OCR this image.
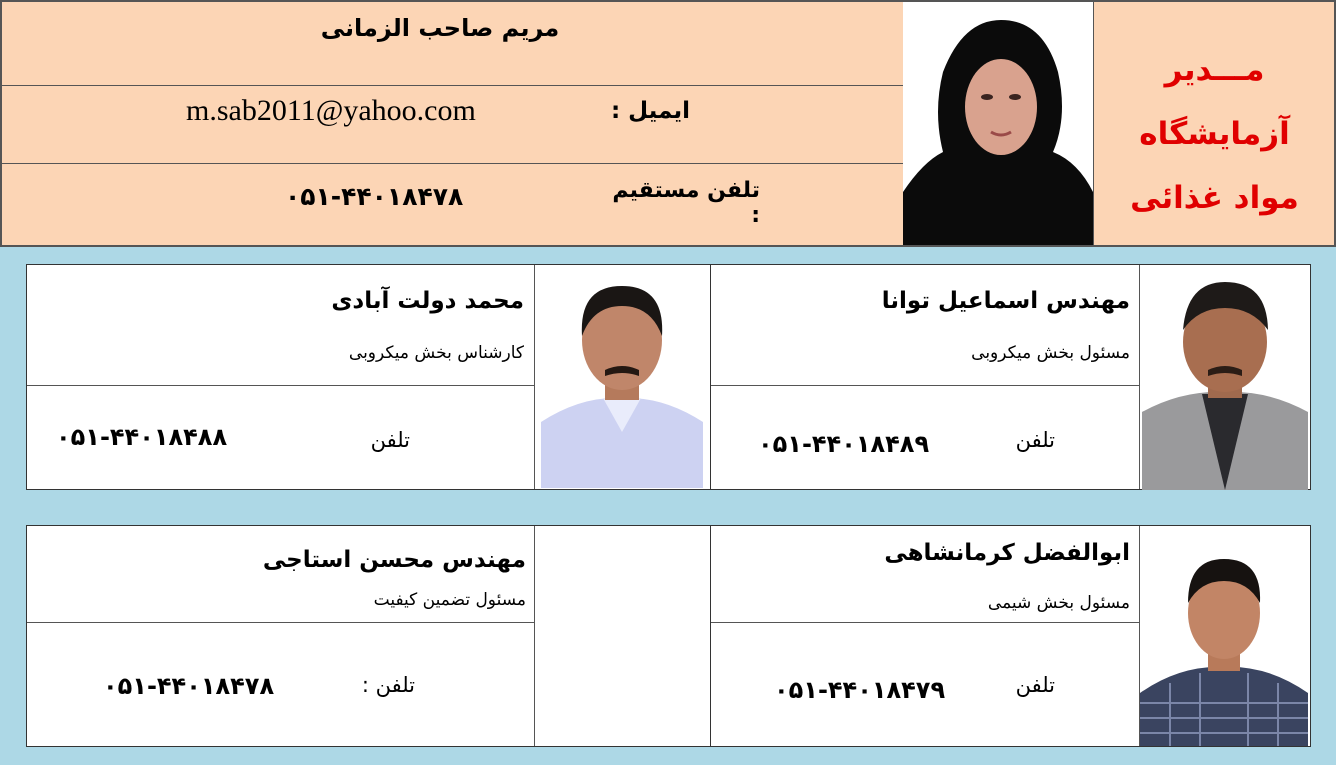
مریم صاحب الزمانی
m.sab2011@yahoo.com	ایمیل :
۰۵۱-۴۴۰۱۸۴۷۸	تلفن مستقیم :
مـــدیر
آزمایشگاه
مواد غذائی
مهندس اسماعیل توانا
مسئول بخش میکروبی
۰۵۱-۴۴۰۱۸۴۸۹	تلفن
محمد دولت آبادی
کارشناس بخش میکروبی
۰۵۱-۴۴۰۱۸۴۸۸	تلفن
ابوالفضل کرمانشاهی
مسئول بخش شیمی
۰۵۱-۴۴۰۱۸۴۷۹	تلفن
مهندس محسن استاجی
مسئول تضمین کیفیت
۰۵۱-۴۴۰۱۸۴۷۸	تلفن :
